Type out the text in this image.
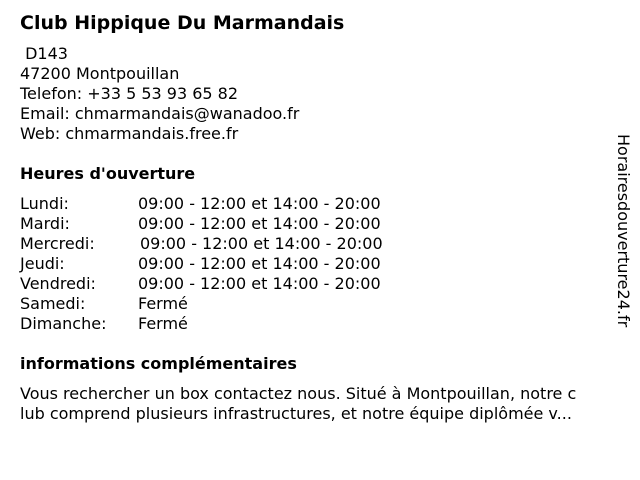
Club Hippique Du Marmandais
D143
47200 Montpouillan
Telefon: +33 5 53 93 65 82
Email: chmarmandais@wanadoo.fr
Web: chmarmandais.free.fr
Heures d'ouverture
Lundi:	09:00 - 12:00 et 14:00 - 20:00
Mardi:	09:00 - 12:00 et 14:00 - 20:00
Mercredi:	09:00 - 12:00 et 14:00 - 20:00
Jeudi:	09:00 - 12:00 et 14:00 - 20:00
Vendredi:	09:00 - 12:00 et 14:00 - 20:00
Samedi:	Fermé
Dimanche: Fermé
informations complémentaires
Vous rechercher un box contactez nous. Situé à Montpouillan, notre c
lub comprend plusieurs infrastructures, et notre équipe diplômée v...
Horairesdouverture24.fr
